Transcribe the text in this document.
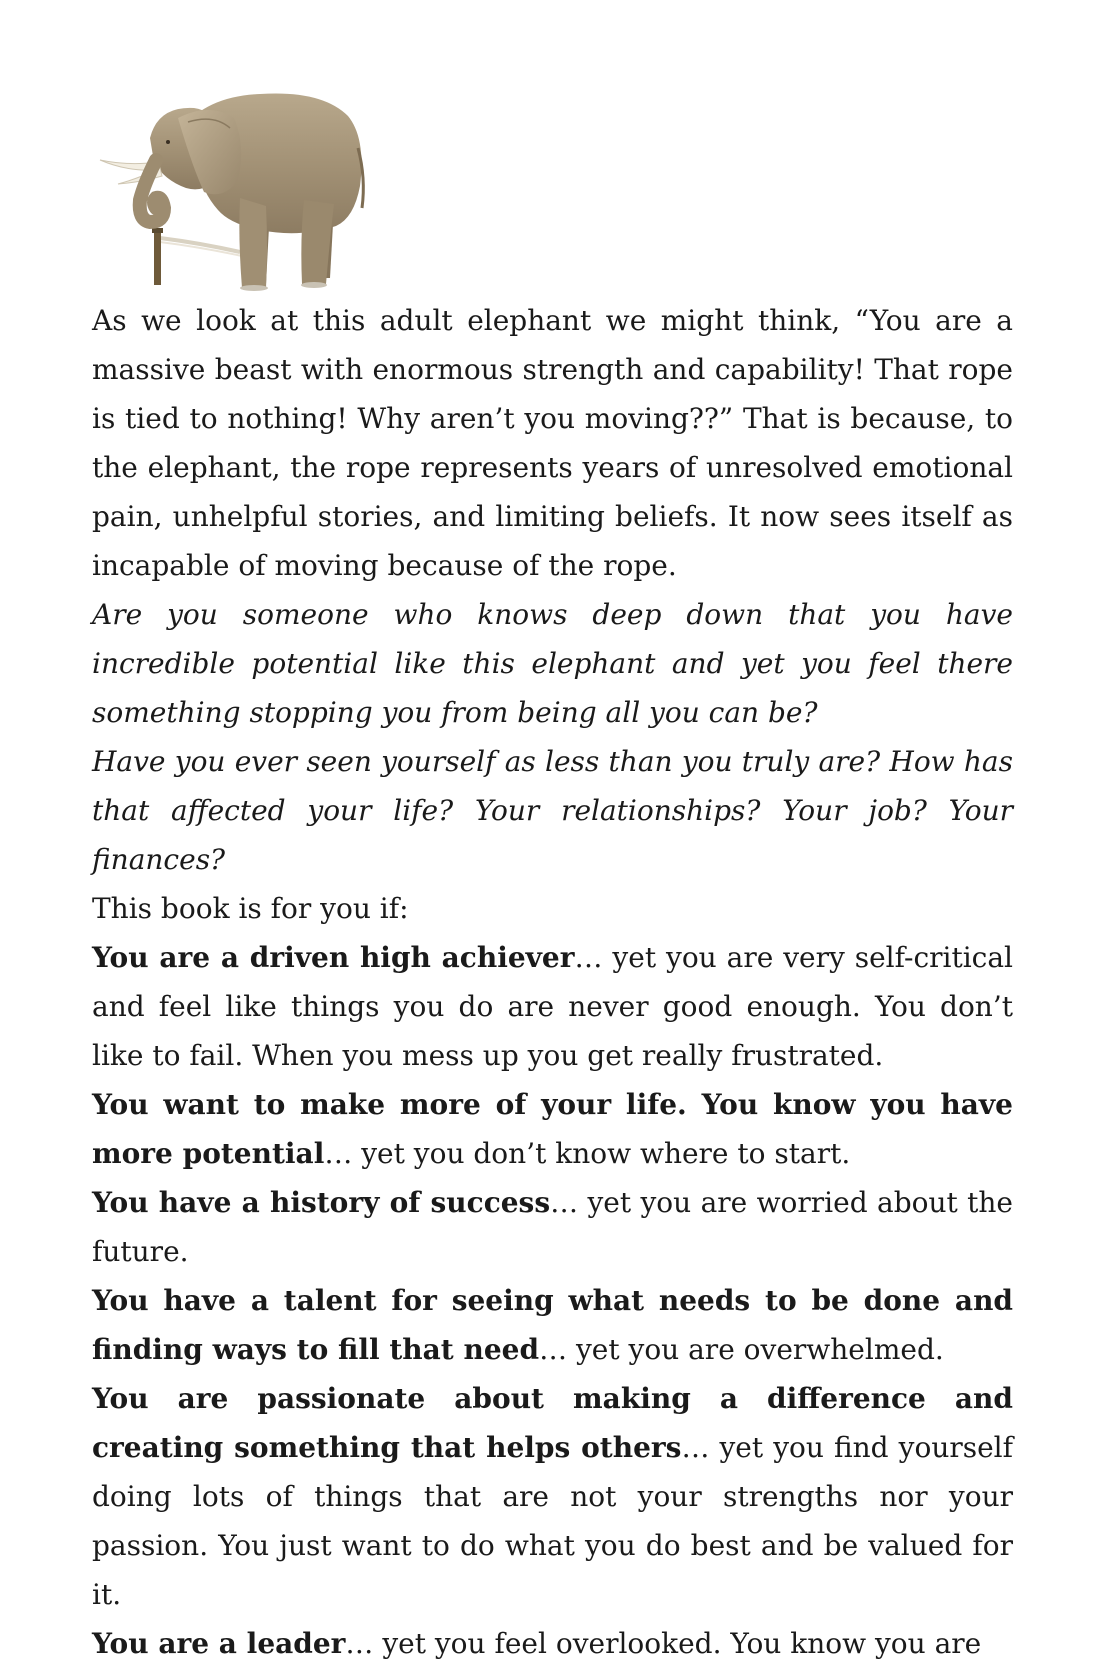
As we look at this adult elephant we might think, “You are a massive beast with enormous strength and capability! That rope is tied to nothing! Why aren’t you moving??” That is because, to the elephant, the rope represents years of unresolved emotional pain, unhelpful stories, and limiting beliefs. It now sees itself as incapable of moving because of the rope.

Are you someone who knows deep down that you have incredible potential like this elephant and yet you feel there something stopping you from being all you can be?

Have you ever seen yourself as less than you truly are? How has that affected your life? Your relationships? Your job? Your finances?

This book is for you if:

You are a driven high achiever… yet you are very self-critical and feel like things you do are never good enough. You don’t like to fail. When you mess up you get really frustrated.

You want to make more of your life. You know you have more potential… yet you don’t know where to start.

You have a history of success… yet you are worried about the future.

You have a talent for seeing what needs to be done and finding ways to fill that need… yet you are overwhelmed.

You are passionate about making a difference and creating something that helps others… yet you find yourself doing lots of things that are not your strengths nor your passion. You just want to do what you do best and be valued for it.

You are a leader… yet you feel overlooked. You know you are
